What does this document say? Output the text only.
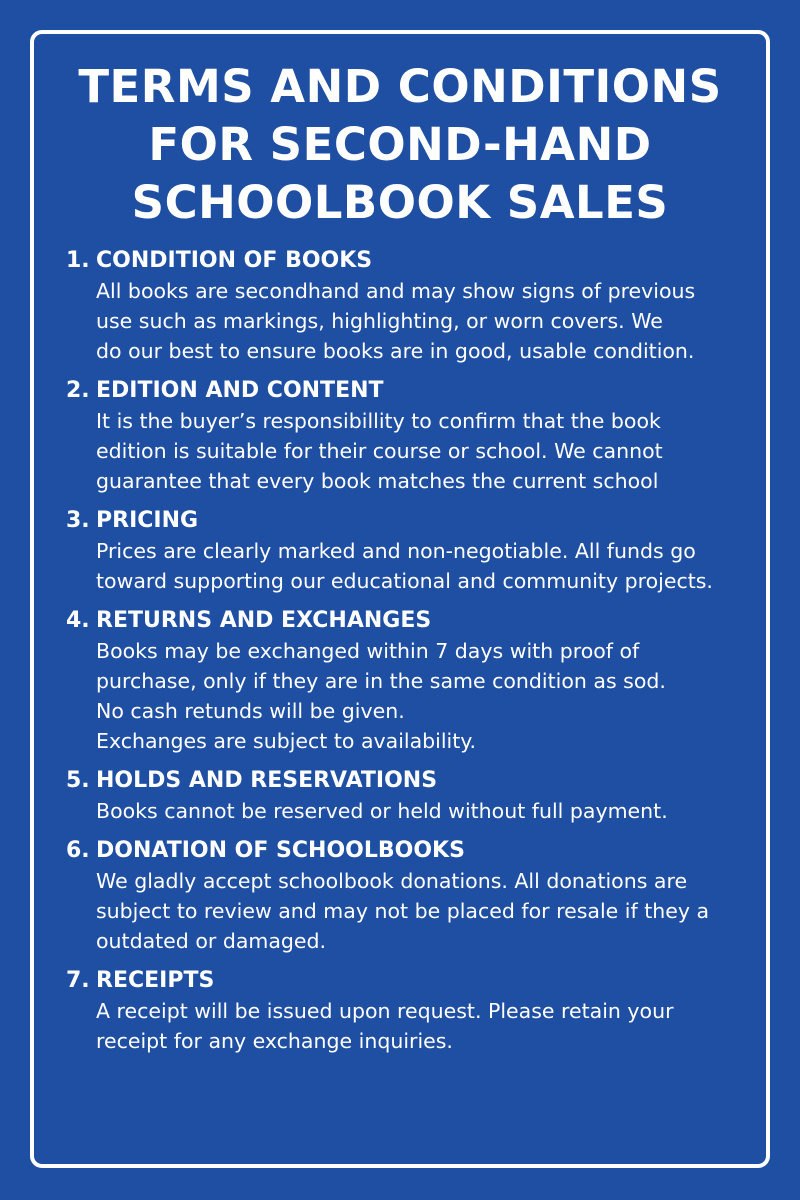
TERMS AND CONDITIONS
FOR SECOND-HAND
SCHOOLBOOK SALES
1. CONDITION OF BOOKS
All books are secondhand and may show signs of previous
use such as markings, highlighting, or worn covers. We
do our best to ensure books are in good, usable condition.
2. EDITION AND CONTENT
It is the buyer’s responsibillity to confirm that the book
edition is suitable for their course or school. We cannot
guarantee that every book matches the current school
3. PRICING
Prices are clearly marked and non-negotiable. All funds go
toward supporting our educational and community projects.
4. RETURNS AND EXCHANGES
Books may be exchanged within 7 days with proof of
purchase, only if they are in the same condition as sod.
No cash retunds will be given.
Exchanges are subject to availability.
5. HOLDS AND RESERVATIONS
Books cannot be reserved or held without full payment.
6. DONATION OF SCHOOLBOOKS
We gladly accept schoolbook donations. All donations are
subject to review and may not be placed for resale if they a
outdated or damaged.
7. RECEIPTS
A receipt will be issued upon request. Please retain your
receipt for any exchange inquiries.
